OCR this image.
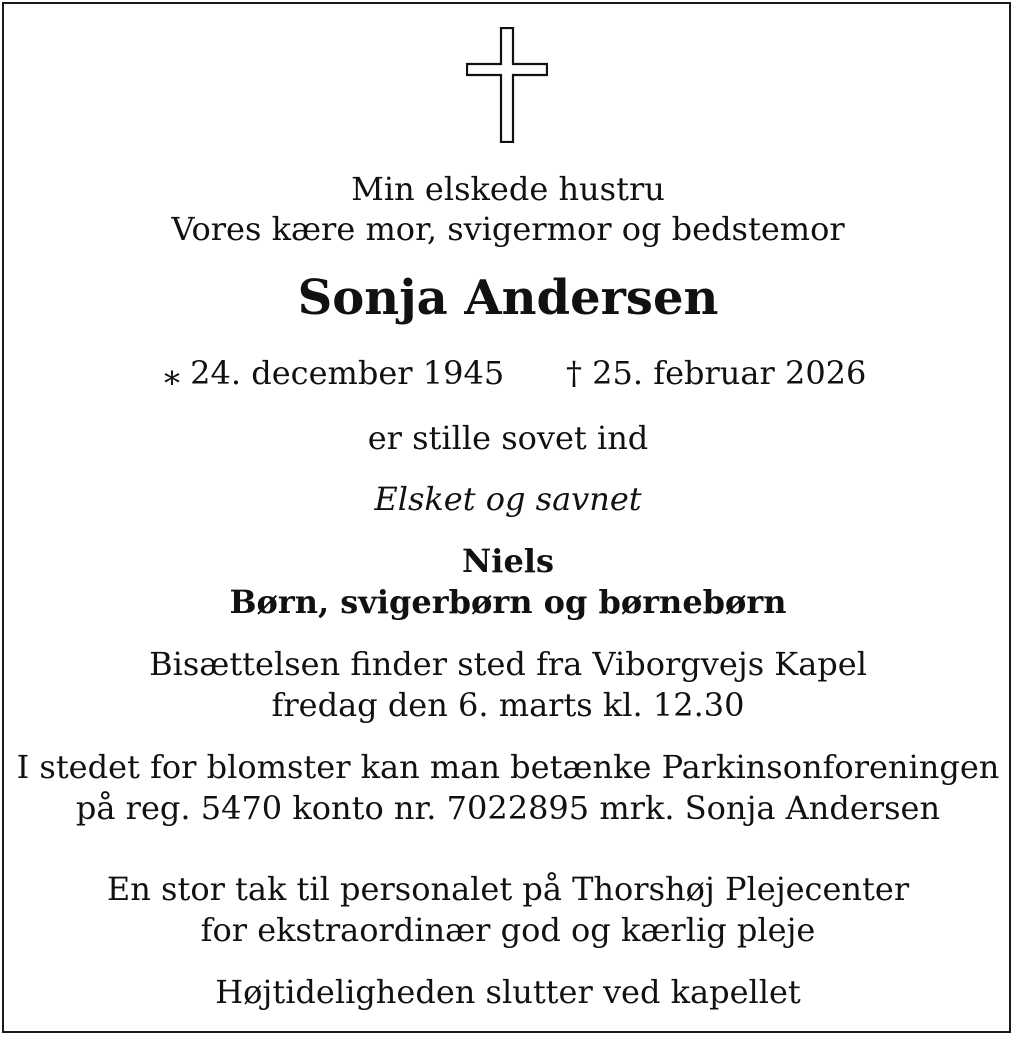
Min elskede hustru
Vores kære mor, svigermor og bedstemor
Sonja Andersen
⁎ 24. december 1945 † 25. februar 2026
er stille sovet ind
Elsket og savnet
Niels
Børn, svigerbørn og børnebørn
Bisættelsen finder sted fra Viborgvejs Kapel
fredag den 6. marts kl. 12.30
I stedet for blomster kan man betænke Parkinsonforeningen
på reg. 5470 konto nr. 7022895 mrk. Sonja Andersen
En stor tak til personalet på Thorshøj Plejecenter
for ekstraordinær god og kærlig pleje
Højtideligheden slutter ved kapellet
